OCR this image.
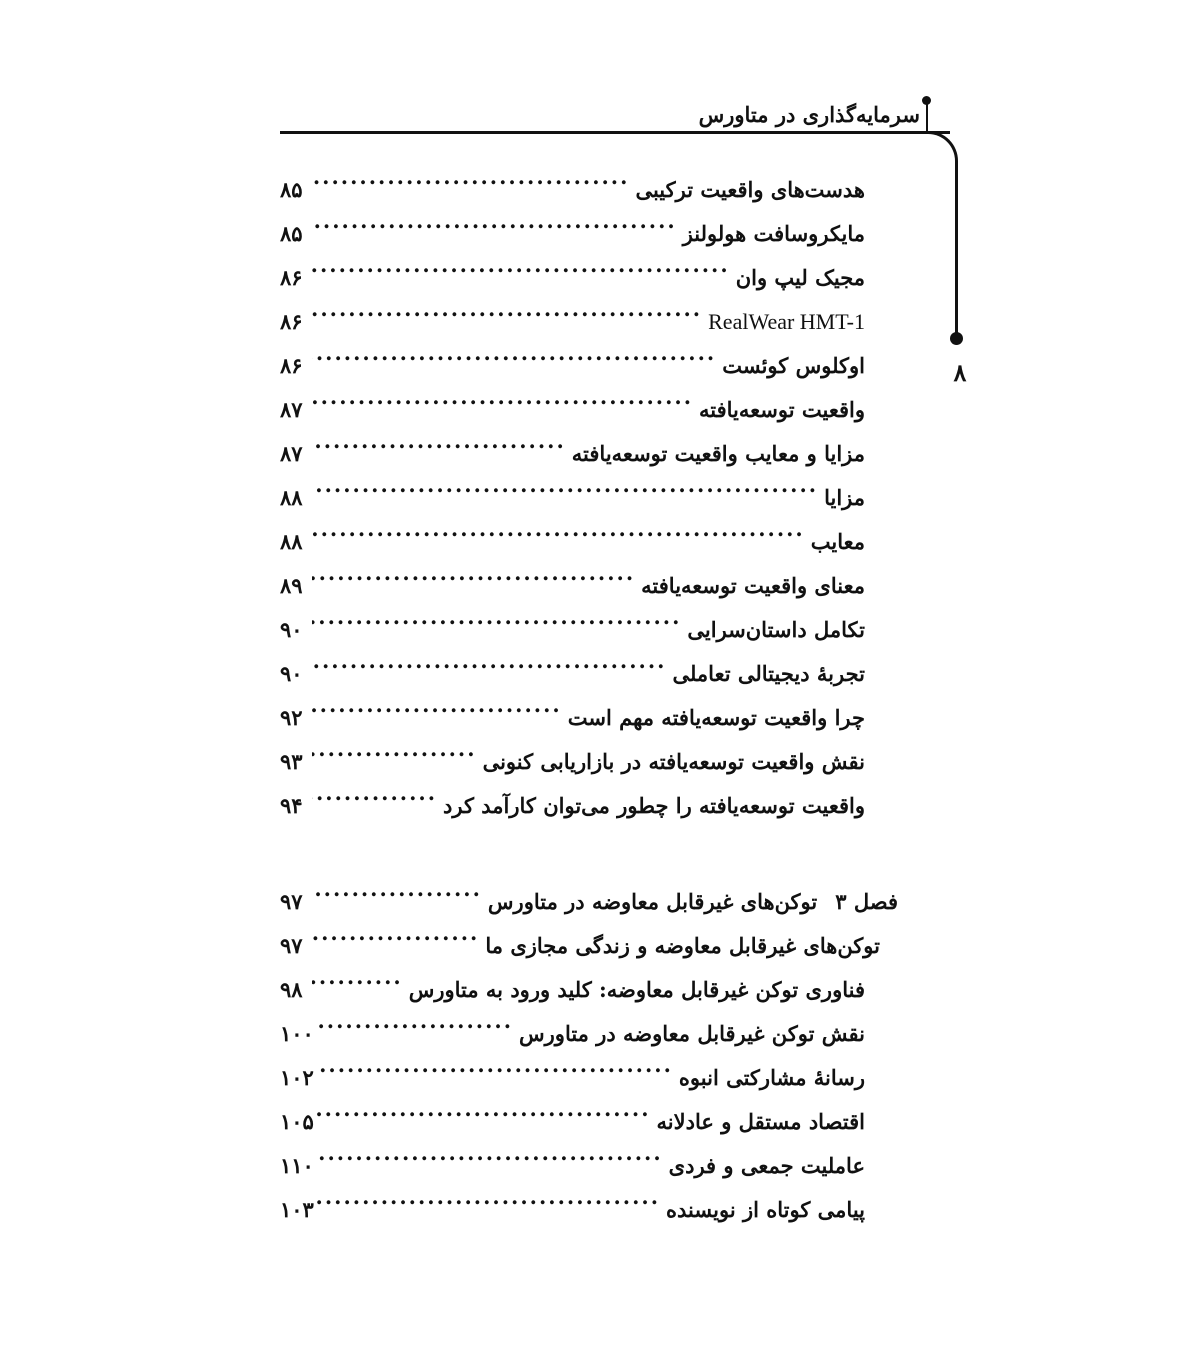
سرمایه‌گذاری در متاورس
۸
هدست‌های واقعیت ترکیبی
.....
۸۵
مایکروسافت هولولنز
.....
۸۵
مجیک لیپ وان
.....
۸۶
RealWear HMT-1
.....
۸۶
اوکلوس کوئست
.....
۸۶
واقعیت توسعه‌یافته
.....
۸۷
مزایا و معایب واقعیت توسعه‌یافته
.....
۸۷
مزایا
.....
۸۸
معایب
.....
۸۸
معنای واقعیت توسعه‌یافته
.....
۸۹
تکامل داستان‌سرایی
.....
۹۰
تجربهٔ دیجیتالی تعاملی
.....
۹۰
چرا واقعیت توسعه‌یافته مهم است
.....
۹۲
نقش واقعیت توسعه‌یافته در بازاریابی کنونی
.....
۹۳
واقعیت توسعه‌یافته را چطور می‌توان کارآمد کرد
.....
۹۴
فصل ۳توکن‌های غیرقابل معاوضه در متاورس
.....
۹۷
توکن‌های غیرقابل معاوضه و زندگی مجازی ما
.....
۹۷
فناوری توکن غیرقابل معاوضه: کلید ورود به متاورس
.....
۹۸
نقش توکن غیرقابل معاوضه در متاورس
.....
۱۰۰
رسانهٔ مشارکتی انبوه
.....
۱۰۲
اقتصاد مستقل و عادلانه
.....
۱۰۵
عاملیت جمعی و فردی
.....
۱۱۰
پیامی کوتاه از نویسنده
.....
۱۰۳
